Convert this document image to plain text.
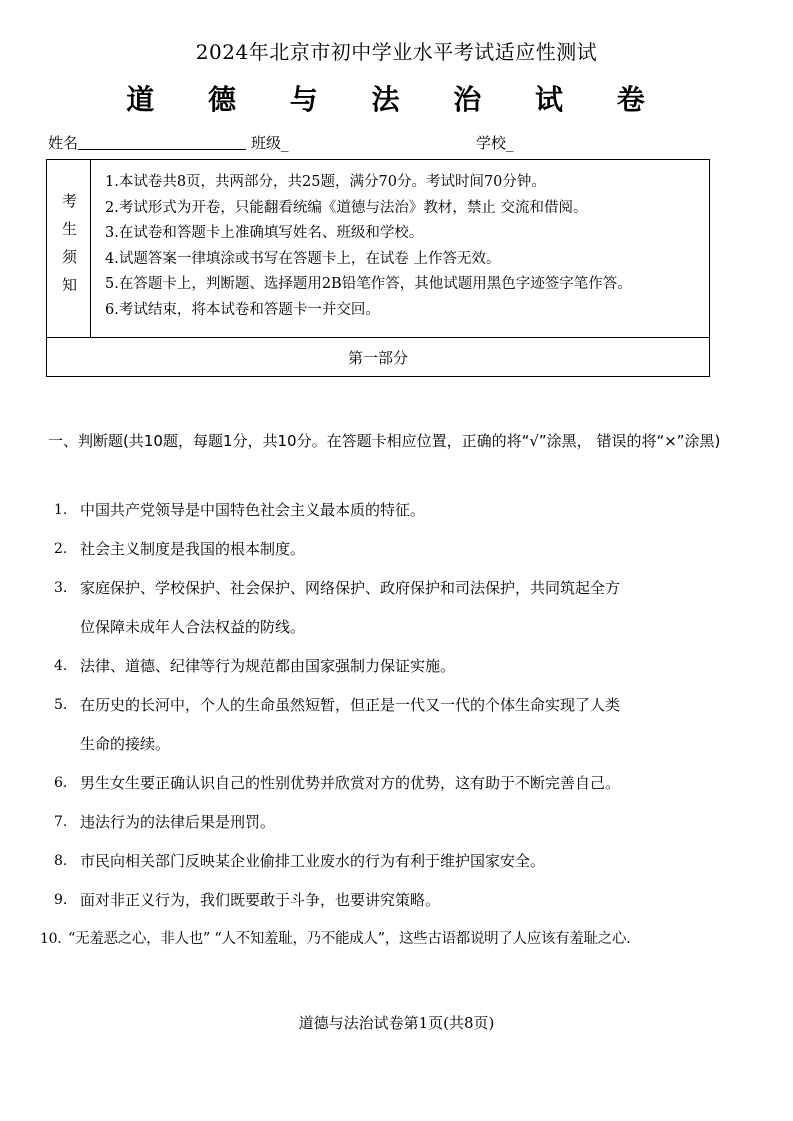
2024年北京市初中学业水平考试适应性测试
道 德 与 法 治 试 卷
姓名	班级_	学校_
考生须知
1.本试卷共8页，共两部分，共25题，满分70分。考试时间70分钟。
2.考试形式为开卷，只能翻看统编《道德与法治》教材，禁止 交流和借阅。
3.在试卷和答题卡上准确填写姓名、班级和学校。
4.试题答案一律填涂或书写在答题卡上，在试卷 上作答无效。
5.在答题卡上，判断题、选择题用2B铅笔作答，其他试题用黑色字迹签字笔作答。
6.考试结束，将本试卷和答题卡一并交回。
第一部分

一、判断题(共10题，每题1分，共10分。在答题卡相应位置，正确的将“√”涂黑， 错误的将“×”涂黑)

1. 中国共产党领导是中国特色社会主义最本质的特征。
2. 社会主义制度是我国的根本制度。
3. 家庭保护、学校保护、社会保护、网络保护、政府保护和司法保护，共同筑起全方
位保障未成年人合法权益的防线。
4. 法律、道德、纪律等行为规范都由国家强制力保证实施。
5. 在历史的长河中，个人的生命虽然短暂，但正是一代又一代的个体生命实现了人类
生命的接续。
6. 男生女生要正确认识自己的性别优势并欣赏对方的优势，这有助于不断完善自己。
7. 违法行为的法律后果是刑罚。
8. 市民向相关部门反映某企业偷排工业废水的行为有利于维护国家安全。
9. 面对非正义行为，我们既要敢于斗争，也要讲究策略。
10. “无羞恶之心，非人也” “人不知羞耻，乃不能成人”，这些古语都说明了人应该有羞耻之心.
道德与法治试卷第1页(共8页)
